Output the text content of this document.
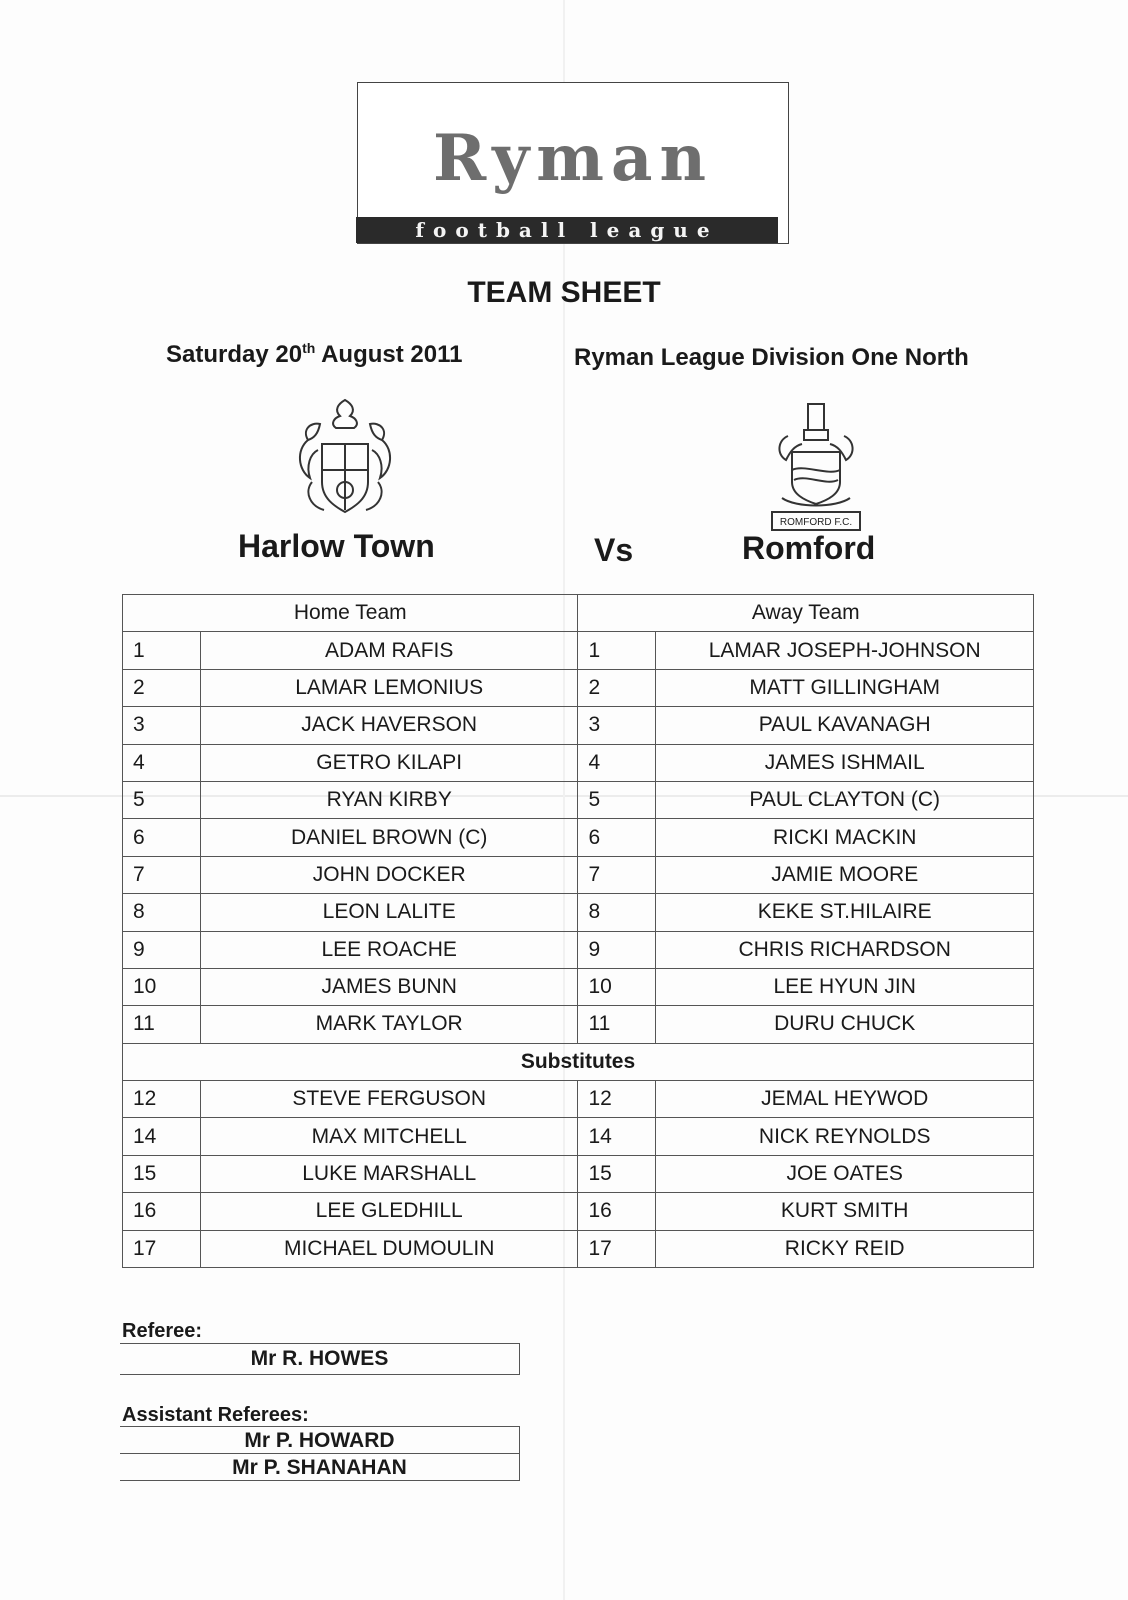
Ryman
football league
TEAM SHEET
Saturday 20th August 2011	Ryman League Division One North
ROMFORD F.C.
Harlow Town	Vs	Romford
Home Team		Away Team	
1	ADAM RAFIS	1	LAMAR JOSEPH-JOHNSON
2	LAMAR LEMONIUS	2	MATT GILLINGHAM
3	JACK HAVERSON	3	PAUL KAVANAGH
4	GETRO KILAPI	4	JAMES ISHMAIL
5	RYAN KIRBY	5	PAUL CLAYTON (C)
6	DANIEL BROWN (C)	6	RICKI MACKIN
7	JOHN DOCKER	7	JAMIE MOORE
8	LEON LALITE	8	KEKE ST.HILAIRE
9	LEE ROACHE	9	CHRIS RICHARDSON
10	JAMES BUNN	10	LEE HYUN JIN
11	MARK TAYLOR	11	DURU CHUCK
Substitutes			
12	STEVE FERGUSON	12	JEMAL HEYWOD
14	MAX MITCHELL	14	NICK REYNOLDS
15	LUKE MARSHALL	15	JOE OATES
16	LEE GLEDHILL	16	KURT SMITH
17	MICHAEL DUMOULIN	17	RICKY REID
Referee:
Mr R. HOWES
Assistant Referees:
Mr P. HOWARD
Mr P. SHANAHAN
